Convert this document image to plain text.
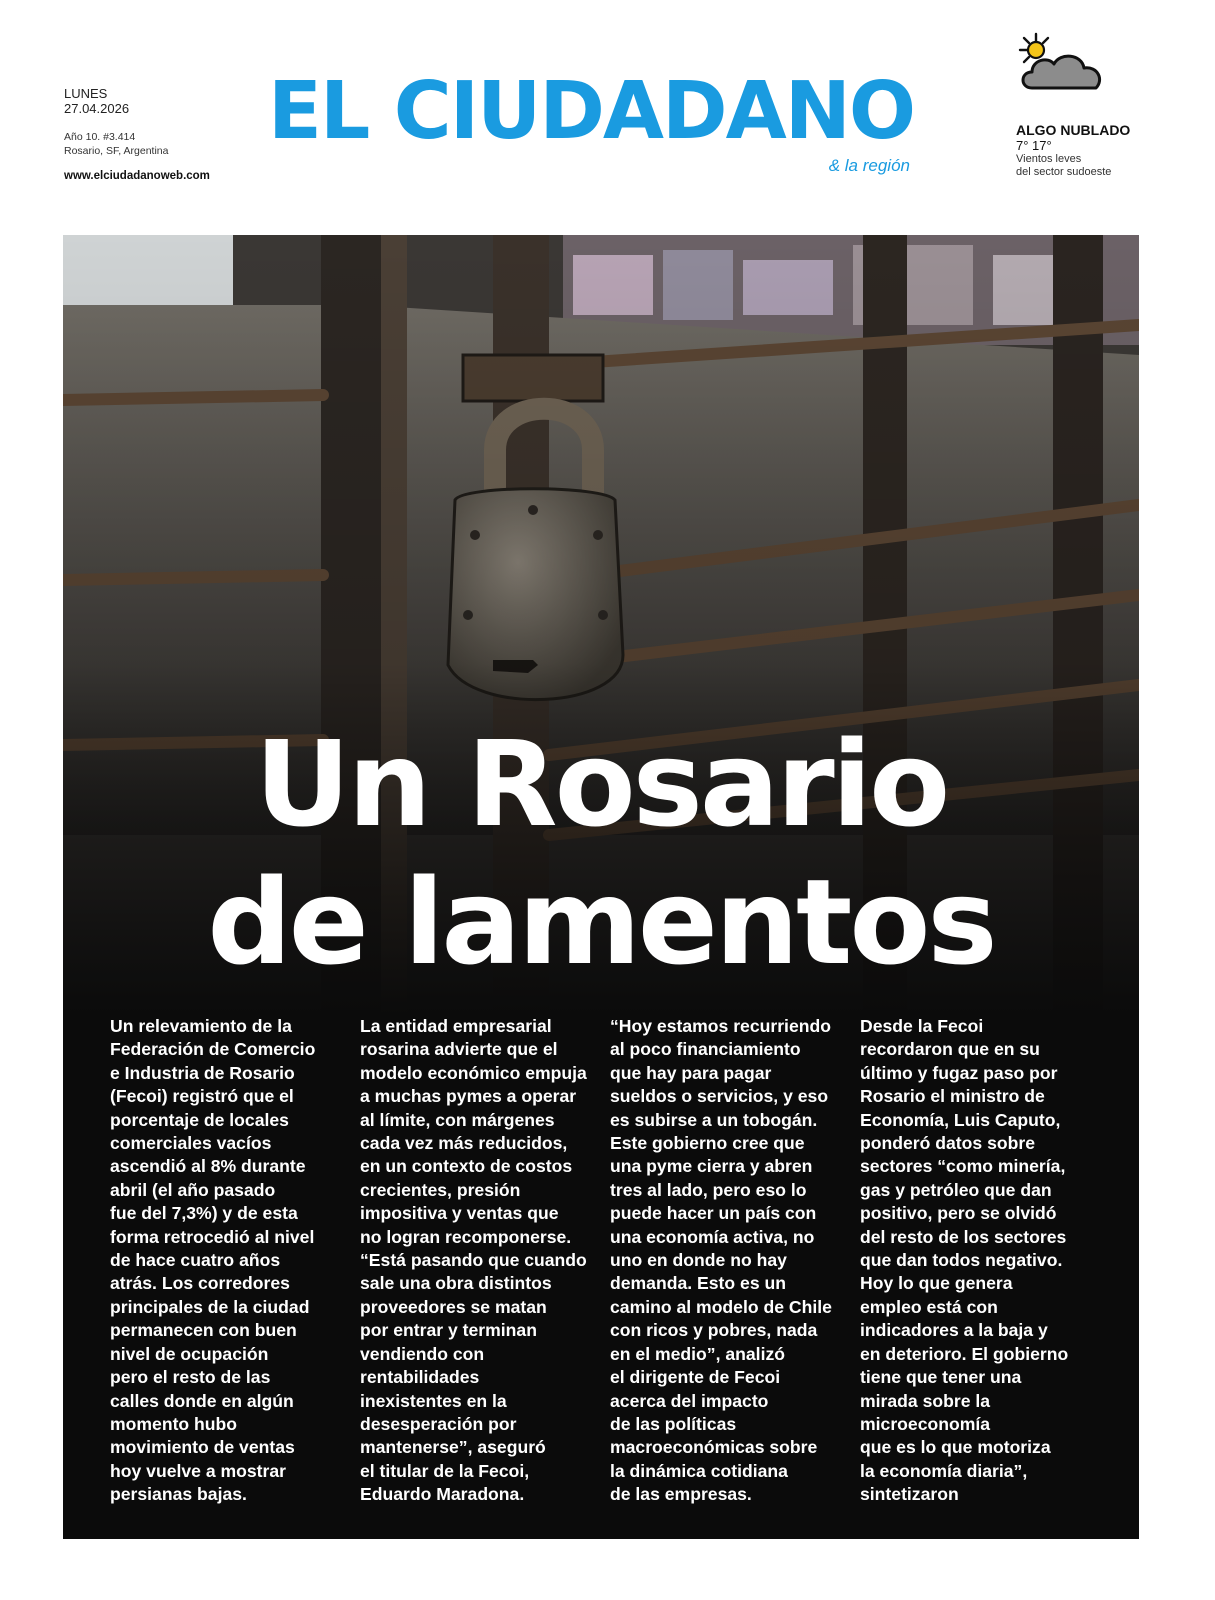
LUNES
27.04.2026
Año 10. #3.414
Rosario, SF, Argentina
www.elciudadanoweb.com
EL CIUDADANO
& la región
ALGO NUBLADO
7° 17°
Vientos leves
del sector sudoeste
Un Rosario
de lamentos
Un relevamiento de la
Federación de Comercio
e Industria de Rosario
(Fecoi) registró que el
porcentaje de locales
comerciales vacíos
ascendió al 8% durante
abril (el año pasado
fue del 7,3%) y de esta
forma retrocedió al nivel
de hace cuatro años
atrás. Los corredores
principales de la ciudad
permanecen con buen
nivel de ocupación
pero el resto de las
calles donde en algún
momento hubo
movimiento de ventas
hoy vuelve a mostrar
persianas bajas.
La entidad empresarial
rosarina advierte que el
modelo económico empuja
a muchas pymes a operar
al límite, con márgenes
cada vez más reducidos,
en un contexto de costos
crecientes, presión
impositiva y ventas que
no logran recomponerse.
“Está pasando que cuando
sale una obra distintos
proveedores se matan
por entrar y terminan
vendiendo con
rentabilidades
inexistentes en la
desesperación por
mantenerse”, aseguró
el titular de la Fecoi,
Eduardo Maradona.
“Hoy estamos recurriendo
al poco financiamiento
que hay para pagar
sueldos o servicios, y eso
es subirse a un tobogán.
Este gobierno cree que
una pyme cierra y abren
tres al lado, pero eso lo
puede hacer un país con
una economía activa, no
uno en donde no hay
demanda. Esto es un
camino al modelo de Chile
con ricos y pobres, nada
en el medio”, analizó
el dirigente de Fecoi
acerca del impacto
de las políticas
macroeconómicas sobre
la dinámica cotidiana
de las empresas.
Desde la Fecoi
recordaron que en su
último y fugaz paso por
Rosario el ministro de
Economía, Luis Caputo,
ponderó datos sobre
sectores “como minería,
gas y petróleo que dan
positivo, pero se olvidó
del resto de los sectores
que dan todos negativo.
Hoy lo que genera
empleo está con
indicadores a la baja y
en deterioro. El gobierno
tiene que tener una
mirada sobre la
microeconomía
que es lo que motoriza
la economía diaria”,
sintetizaron
